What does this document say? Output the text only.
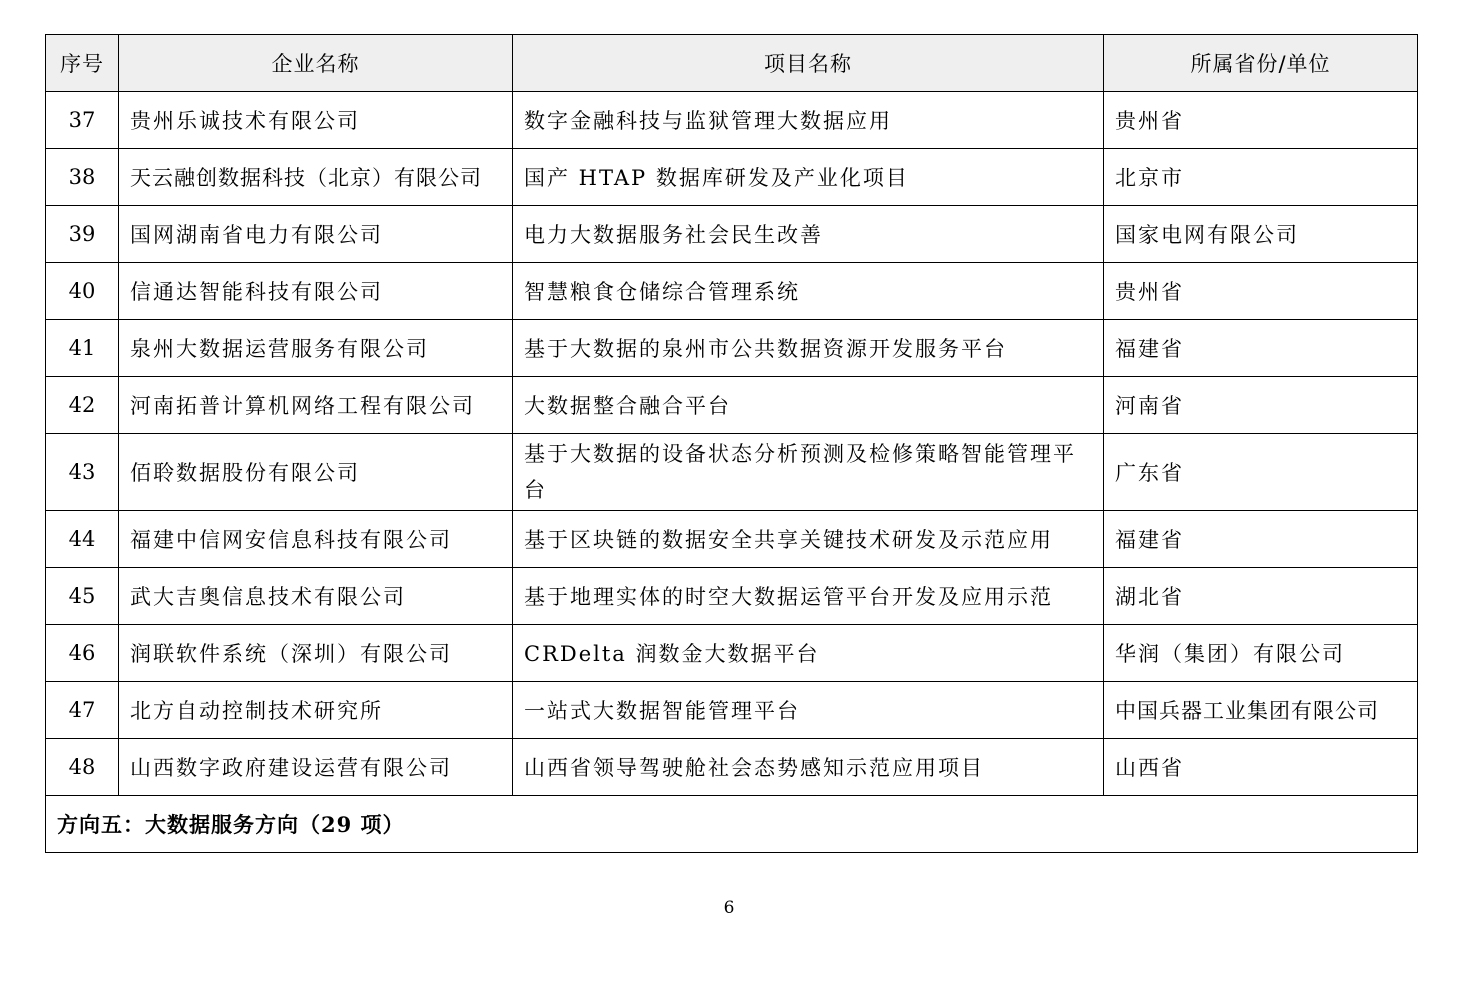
序号	企业名称	项目名称	所属省份/单位
37	贵州乐诚技术有限公司	数字金融科技与监狱管理大数据应用	贵州省
38	天云融创数据科技（北京）有限公司	国产 HTAP 数据库研发及产业化项目	北京市
39	国网湖南省电力有限公司	电力大数据服务社会民生改善	国家电网有限公司
40	信通达智能科技有限公司	智慧粮食仓储综合管理系统	贵州省
41	泉州大数据运营服务有限公司	基于大数据的泉州市公共数据资源开发服务平台	福建省
42	河南拓普计算机网络工程有限公司	大数据整合融合平台	河南省
43	佰聆数据股份有限公司	基于大数据的设备状态分析预测及检修策略智能管理平台	广东省
44	福建中信网安信息科技有限公司	基于区块链的数据安全共享关键技术研发及示范应用	福建省
45	武大吉奥信息技术有限公司	基于地理实体的时空大数据运管平台开发及应用示范	湖北省
46	润联软件系统（深圳）有限公司	CRDelta 润数金大数据平台	华润（集团）有限公司
47	北方自动控制技术研究所	一站式大数据智能管理平台	中国兵器工业集团有限公司
48	山西数字政府建设运营有限公司	山西省领导驾驶舱社会态势感知示范应用项目	山西省
方向五：大数据服务方向（29 项）			
6
